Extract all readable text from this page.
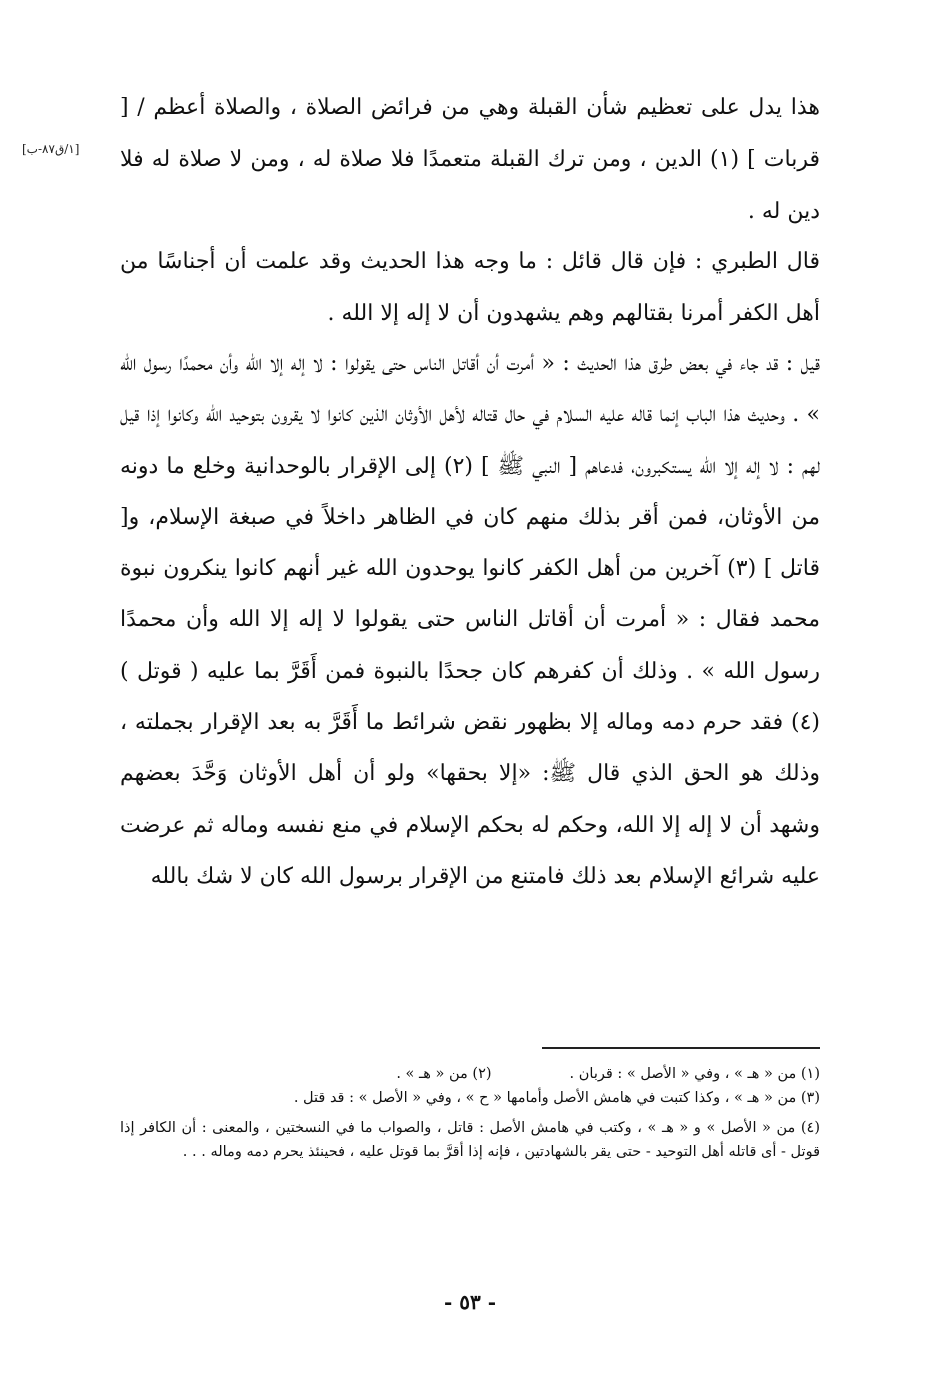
هذا يدل على تعظيم شأن القبلة وهي من فرائض الصلاة ، والصلاة أعظم / [ قربات ] (١) الدين ، ومن ترك القبلة متعمدًا فلا صلاة له ، ومن لا صلاة له فلا دين له .
[١/ق٨٧-ب]
قال الطبري : فإن قال قائل : ما وجه هذا الحديث وقد علمت أن أجناسًا من أهل الكفر أمرنا بقتالهم وهم يشهدون أن لا إله إلا الله .
قيل : قد جاء في بعض طرق هذا الحديث : « أمرت أن أقاتل الناس حتى يقولوا : لا إله إلا الله وأن محمدًا رسول الله » . وحديث هذا الباب إنما قاله عليه السلام في حال قتاله لأهل الأوثان الذين كانوا لا يقرون بتوحيد الله وكانوا إذا قيل لهم : لا إله إلا الله يستكبرون، فدعاهم [ النبي ﷺ ] (٢) إلى الإقرار بالوحدانية وخلع ما دونه من الأوثان، فمن أقر بذلك منهم كان في الظاهر داخلاً في صبغة الإسلام، و[ قاتل ] (٣) آخرين من أهل الكفر كانوا يوحدون الله غير أنهم كانوا ينكرون نبوة محمد فقال : « أمرت أن أقاتل الناس حتى يقولوا لا إله إلا الله وأن محمدًا رسول الله » . وذلك أن كفرهم كان جحدًا بالنبوة فمن أَقَرَّ بما عليه ( قوتل ) (٤) فقد حرم دمه وماله إلا بظهور نقض شرائط ما أَقَرَّ به بعد الإقرار بجملته ، وذلك هو الحق الذي قال ﷺ: «إلا بحقها» ولو أن أهل الأوثان وَحَّدَ بعضهم وشهد أن لا إله إلا الله، وحكم له بحكم الإسلام في منع نفسه وماله ثم عرضت عليه شرائع الإسلام بعد ذلك فامتنع من الإقرار برسول الله كان لا شك بالله
(١) من « هـ » ، وفي « الأصل » : قربان .
(٢) من « هـ » .
(٣) من « هـ » ، وكذا كتبت في هامش الأصل وأمامها « ح » ، وفي « الأصل » : قد قتل .
(٤) من « الأصل » و « هـ » ، وكتب في هامش الأصل : قاتل ، والصواب ما في النسختين ، والمعنى : أن الكافر إذا قوتل - أى قاتله أهل التوحيد - حتى يقر بالشهادتين ، فإنه إذا أقرَّ بما قوتل عليه ، فحينئذ يحرم دمه وماله . . .
- ٥٣ -
